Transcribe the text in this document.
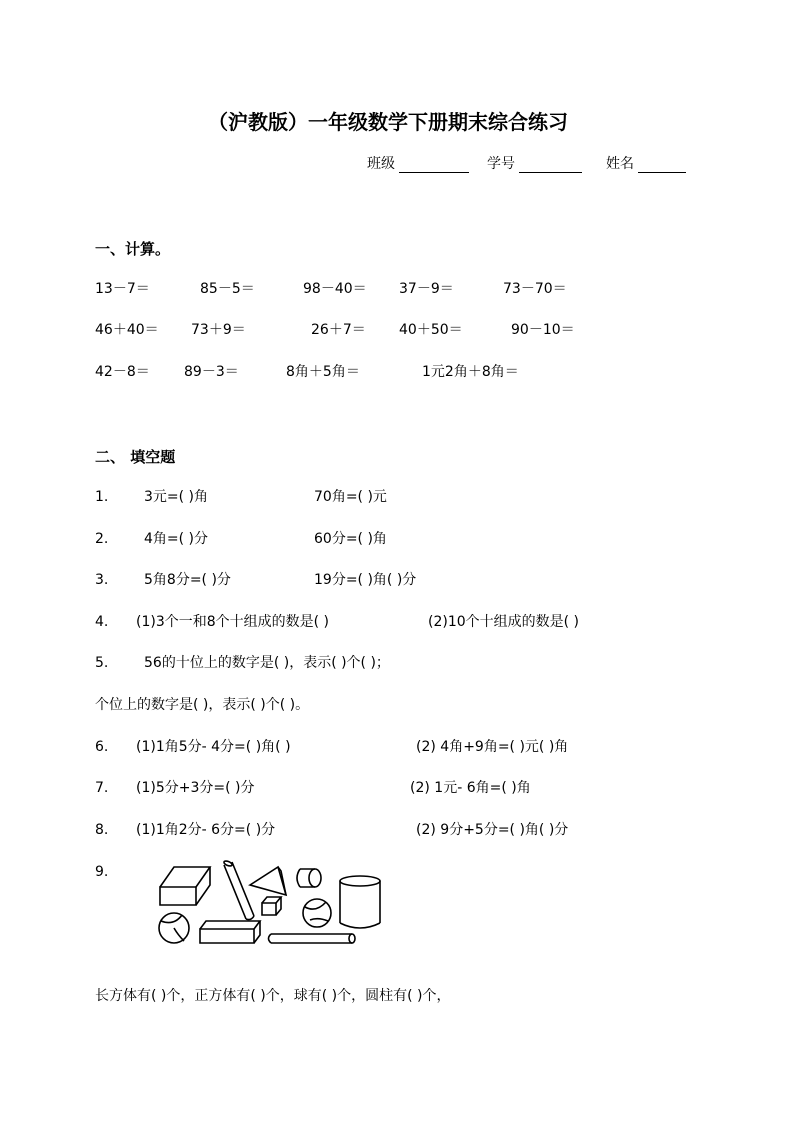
（沪教版）一年级数学下册期末综合练习
班级	学号	姓名
一、计算。
13－7＝	85－5＝	98－40＝ 37－9＝	73－70＝
46＋40＝ 73＋9＝	26＋7＝ 40＋50＝	90－10＝
42－8＝ 89－3＝	8角＋5角＝	1元2角＋8角＝
二、 填空题
1.	3元=( )角	70角=( )元
2.	4角=( )分	60分=( )角
3.	5角8分=( )分	19分=( )角( )分
4. (1)3个一和8个十组成的数是( )	(2)10个十组成的数是( )
5.	56的十位上的数字是( )，表示( )个( )；
个位上的数字是( )，表示( )个( )。
6. (1)1角5分- 4分=( )角( )	(2) 4角+9角=( )元( )角
7. (1)5分+3分=( )分	(2) 1元- 6角=( )角
8. (1)1角2分- 6分=( )分	(2) 9分+5分=( )角( )分
9.
长方体有( )个，正方体有( )个，球有( )个，圆柱有( )个，
